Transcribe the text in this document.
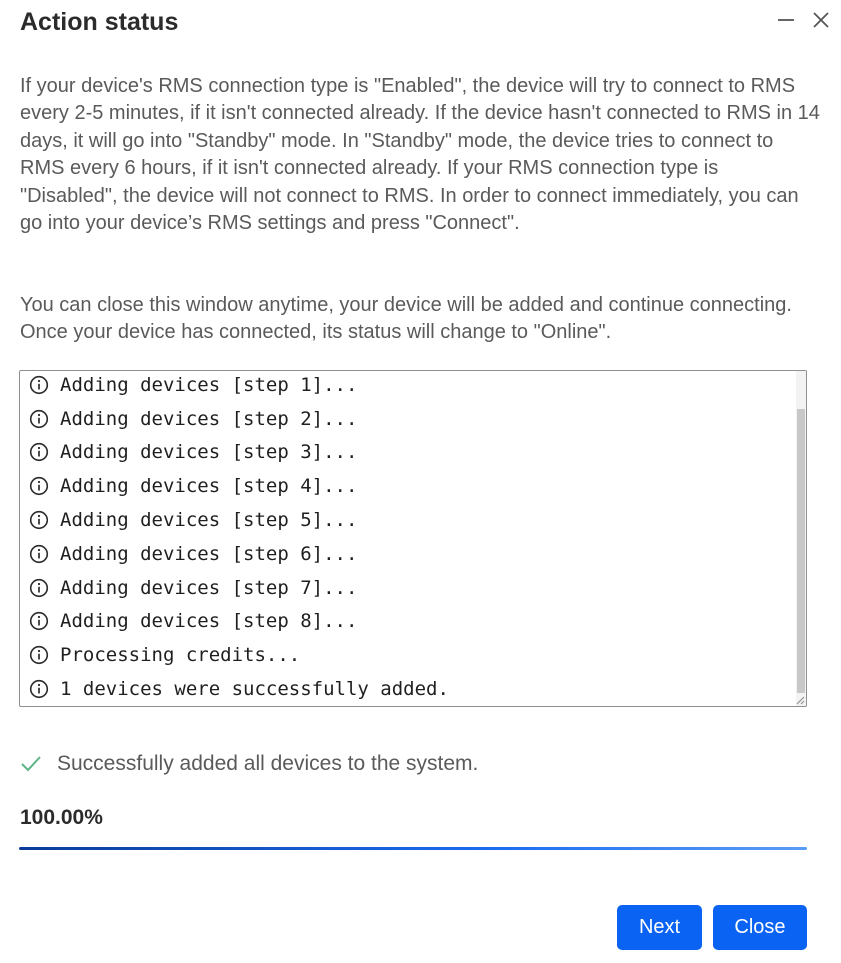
Action status

If your device's RMS connection type is "Enabled", the device will try to connect to RMS every 2-5 minutes, if it isn't connected already. If the device hasn't connected to RMS in 14 days, it will go into "Standby" mode. In "Standby" mode, the device tries to connect to RMS every 6 hours, if it isn't connected already. If your RMS connection type is "Disabled", the device will not connect to RMS. In order to connect immediately, you can go into your device’s RMS settings and press "Connect".

You can close this window anytime, your device will be added and continue connecting. Once your device has connected, its status will change to "Online".

Adding devices [step 1]...
Adding devices [step 2]...
Adding devices [step 3]...
Adding devices [step 4]...
Adding devices [step 5]...
Adding devices [step 6]...
Adding devices [step 7]...
Adding devices [step 8]...
Processing credits...
1 devices were successfully added.
Successfully added all devices to the system.
100.00%
Next	Close
